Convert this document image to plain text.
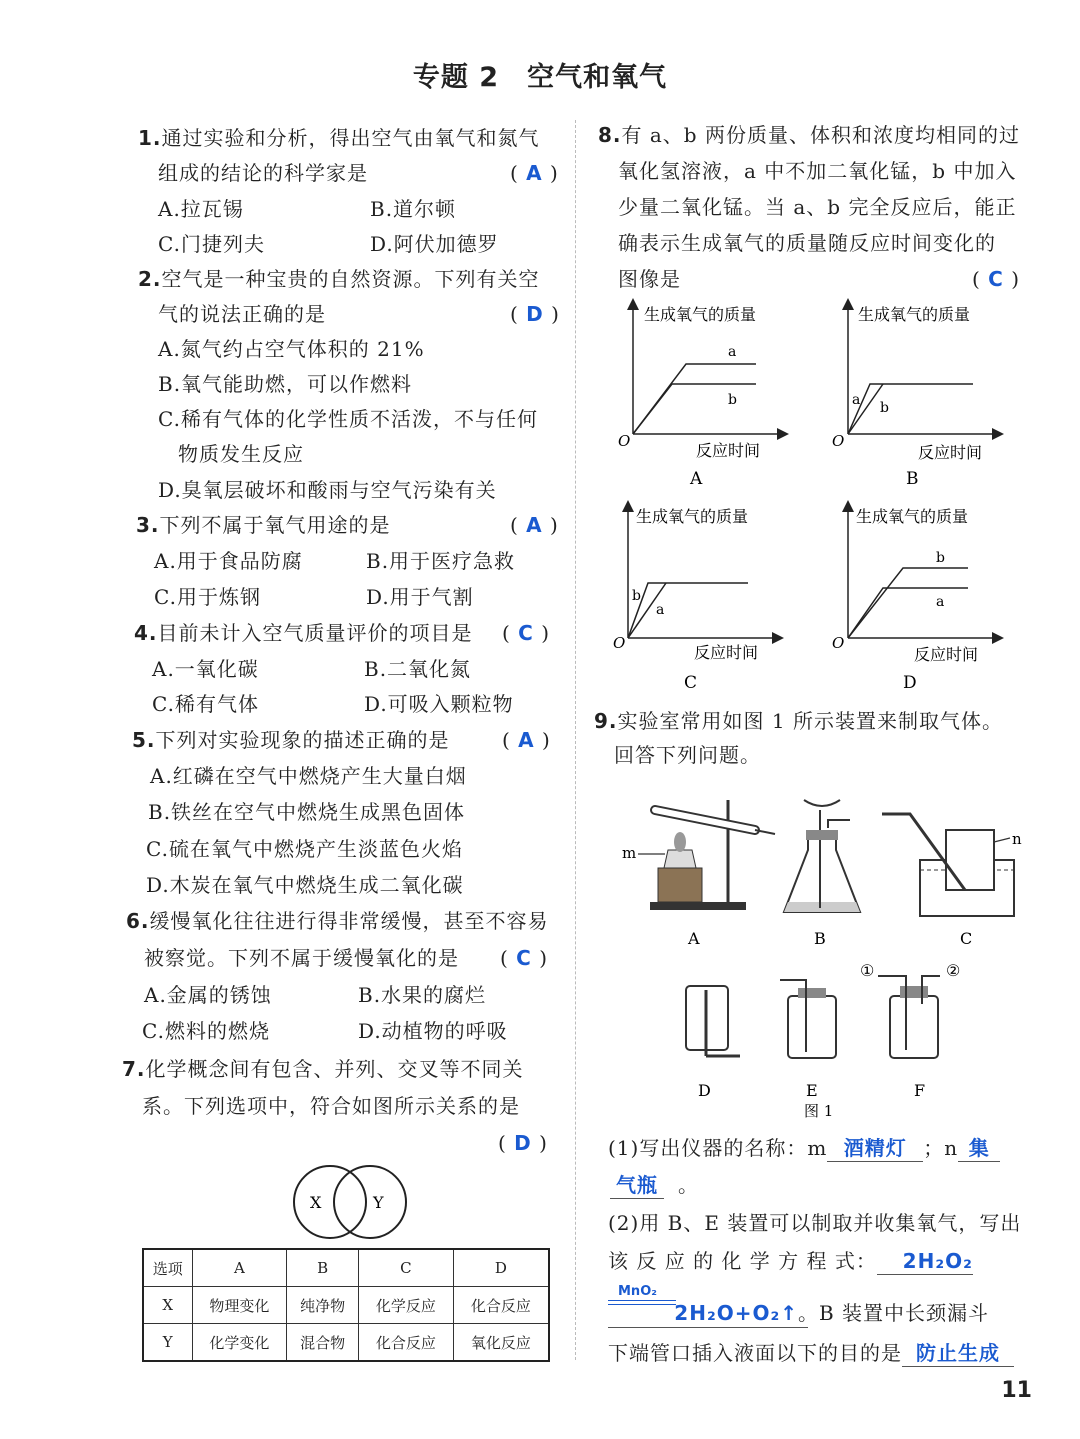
专题 2　空气和氧气
1.通过实验和分析，得出空气由氧气和氮气
组成的结论的科学家是	( A )
A.拉瓦锡	B.道尔顿
C.门捷列夫	D.阿伏加德罗
2.空气是一种宝贵的自然资源。下列有关空
气的说法正确的是	( D )
A.氮气约占空气体积的 21%
B.氧气能助燃，可以作燃料
C.稀有气体的化学性质不活泼，不与任何
物质发生反应
D.臭氧层破坏和酸雨与空气污染有关
3.下列不属于氧气用途的是	( A )
A.用于食品防腐	B.用于医疗急救
C.用于炼钢	D.用于气割
4.目前未计入空气质量评价的项目是 ( C )
A.一氧化碳	B.二氧化氮
C.稀有气体	D.可吸入颗粒物
5.下列对实验现象的描述正确的是	( A )
A.红磷在空气中燃烧产生大量白烟
B.铁丝在空气中燃烧生成黑色固体
C.硫在氧气中燃烧产生淡蓝色火焰
D.木炭在氧气中燃烧生成二氧化碳
6.缓慢氧化往往进行得非常缓慢，甚至不容易
被察觉。下列不属于缓慢氧化的是 ( C )
A.金属的锈蚀	B.水果的腐烂
C.燃料的燃烧	D.动植物的呼吸
7.化学概念间有包含、并列、交叉等不同关
系。下列选项中，符合如图所示关系的是
( D )
X	Y
选项	A	B	C	D
X	物理变化	纯净物	化学反应	化合反应
Y	化学变化	混合物	化合反应	氧化反应
8.有 a、b 两份质量、体积和浓度均相同的过
氧化氢溶液，a 中不加二氧化锰，b 中加入
少量二氧化锰。当 a、b 完全反应后，能正
确表示生成氧气的质量随反应时间变化的
图像是	( C )
生成氧气的质量
反应时间
O
a
b
A
生成氧气的质量
反应时间
O
a b
B
生成氧气的质量
反应时间
O
b
a
C
生成氧气的质量
反应时间
O
b
a
D
9.实验室常用如图 1 所示装置来制取气体。
回答下列问题。
m
A	B
n
C
D	E
①	②
F
图 1
(1)写出仪器的名称：m 酒精灯 ；n 集
气瓶 。
(2)用 B、E 装置可以制取并收集氧气，写出
该 反 应 的 化 学 方 程 式： 2H₂O₂
MnO₂
2H₂O+O₂↑。B 装置中长颈漏斗
下端管口插入液面以下的目的是 防止生成
11
